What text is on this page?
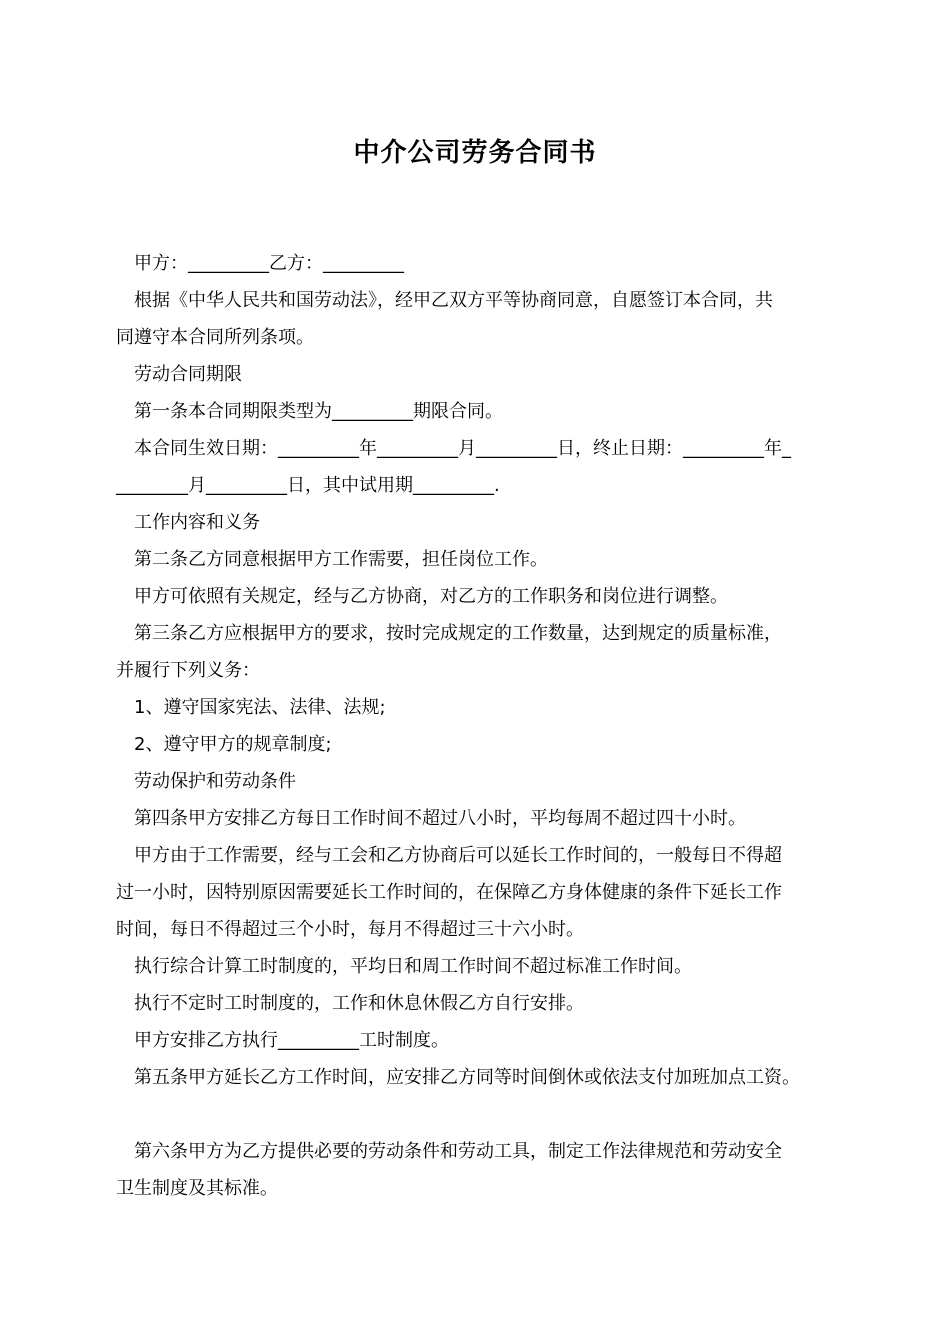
中介公司劳务合同书

甲方：_________乙方：_________

根据《中华人民共和国劳动法》，经甲乙双方平等协商同意，自愿签订本合同，共

同遵守本合同所列条项。

劳动合同期限

第一条本合同期限类型为_________期限合同。

本合同生效日期：_________年_________月_________日，终止日期：_________年_

________月_________日，其中试用期_________.

工作内容和义务

第二条乙方同意根据甲方工作需要，担任岗位工作。

甲方可依照有关规定，经与乙方协商，对乙方的工作职务和岗位进行调整。

第三条乙方应根据甲方的要求，按时完成规定的工作数量，达到规定的质量标准，

并履行下列义务：

1、遵守国家宪法、法律、法规;

2、遵守甲方的规章制度;

劳动保护和劳动条件

第四条甲方安排乙方每日工作时间不超过八小时，平均每周不超过四十小时。

甲方由于工作需要，经与工会和乙方协商后可以延长工作时间的，一般每日不得超

过一小时，因特别原因需要延长工作时间的，在保障乙方身体健康的条件下延长工作

时间，每日不得超过三个小时，每月不得超过三十六小时。

执行综合计算工时制度的，平均日和周工作时间不超过标准工作时间。

执行不定时工时制度的，工作和休息休假乙方自行安排。

甲方安排乙方执行_________工时制度。

第五条甲方延长乙方工作时间，应安排乙方同等时间倒休或依法支付加班加点工资。

第六条甲方为乙方提供必要的劳动条件和劳动工具，制定工作法律规范和劳动安全

卫生制度及其标准。
